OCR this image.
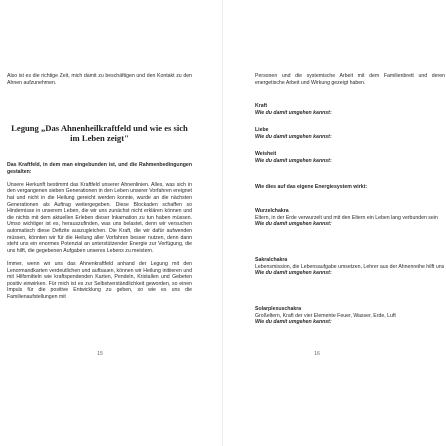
Also ist es die richtige Zeit, mich damit zu beschäftigen und den Kontakt zu den Ahnen aufzunehmen.
Legung „Das Ahnenheilkraftfeld und wie es sich im Leben zeigt"
Das Kraftfeld, in dem man eingebunden ist, und die Rahmenbedingungen gestalten:
Unsere Herkunft bestimmt das Kraftfeld unserer Ahnenlinien. Alles, was sich in den vergangenen sieben Generationen in den Leben unserer Vorfahren ereignet hat und nicht in die Heilung gereicht werden konnte, wurde an die nächsten Generationen als Auftrag weitergegeben. Diese Blockaden schaffen so Hindernisse in unserem Leben, die wir uns zunächst nicht erklären können und die nichts mit dem aktuellen Erleben dieser Inkarnation zu tun haben müssen. Umso wichtiger ist es, herauszufinden, was uns belastet, denn wir versuchen automatisch diese Defizite auszugleichen. Die Kraft, die wir dafür aufwenden müssen, könnten wir für die Heilung aller Vorfahren besser nutzen, denn dann steht uns ein enormes Potenzial an unterstützender Energie zur Verfügung, die uns hilft, die gegebenen Aufgaben unseres Lebens zu meistern.
Immer, wenn wir uns das Ahnenkraftfeld anhand der Legung mit den Lenormandkarten verdeutlichen und aufbauen, können wir Heilung initiieren und mit Hilfsmitteln wie kraftspendenden Karten, Pendeln, Kristallen und Gebeten positiv einwirken. Für mich ist es zur Selbstverständlichkeit geworden, so einen Impuls für die positive Entwicklung zu geben, so wie es uns die Familienaufstellungen mit
15
Personen und die systemische Arbeit mit dem Familienbrett und deren energetische Arbeit und Wirkung gezeigt haben.
Kraft
Wie du damit umgehen kannst:
Liebe
Wie du damit umgehen kannst:
Weisheit
Wie du damit umgehen kannst:
Wie dies auf das eigene Energiesystem wirkt:
Wurzelchakra
Eltern, in der Erde verwurzelt und mit den Eltern ein Leben lang verbunden sein
Wie du damit umgehen kannst:
Sakralchakra
Lebensmission, die Lebensaufgabe umsetzen, Lehrer aus der Ahnenreihe hilft uns
Wie du damit umgehen kannst:
Solarplexuschakra
Großeltern, Kraft der vier Elemente Feuer, Wasser, Erde, Luft
Wie du damit umgehen kannst:
16
